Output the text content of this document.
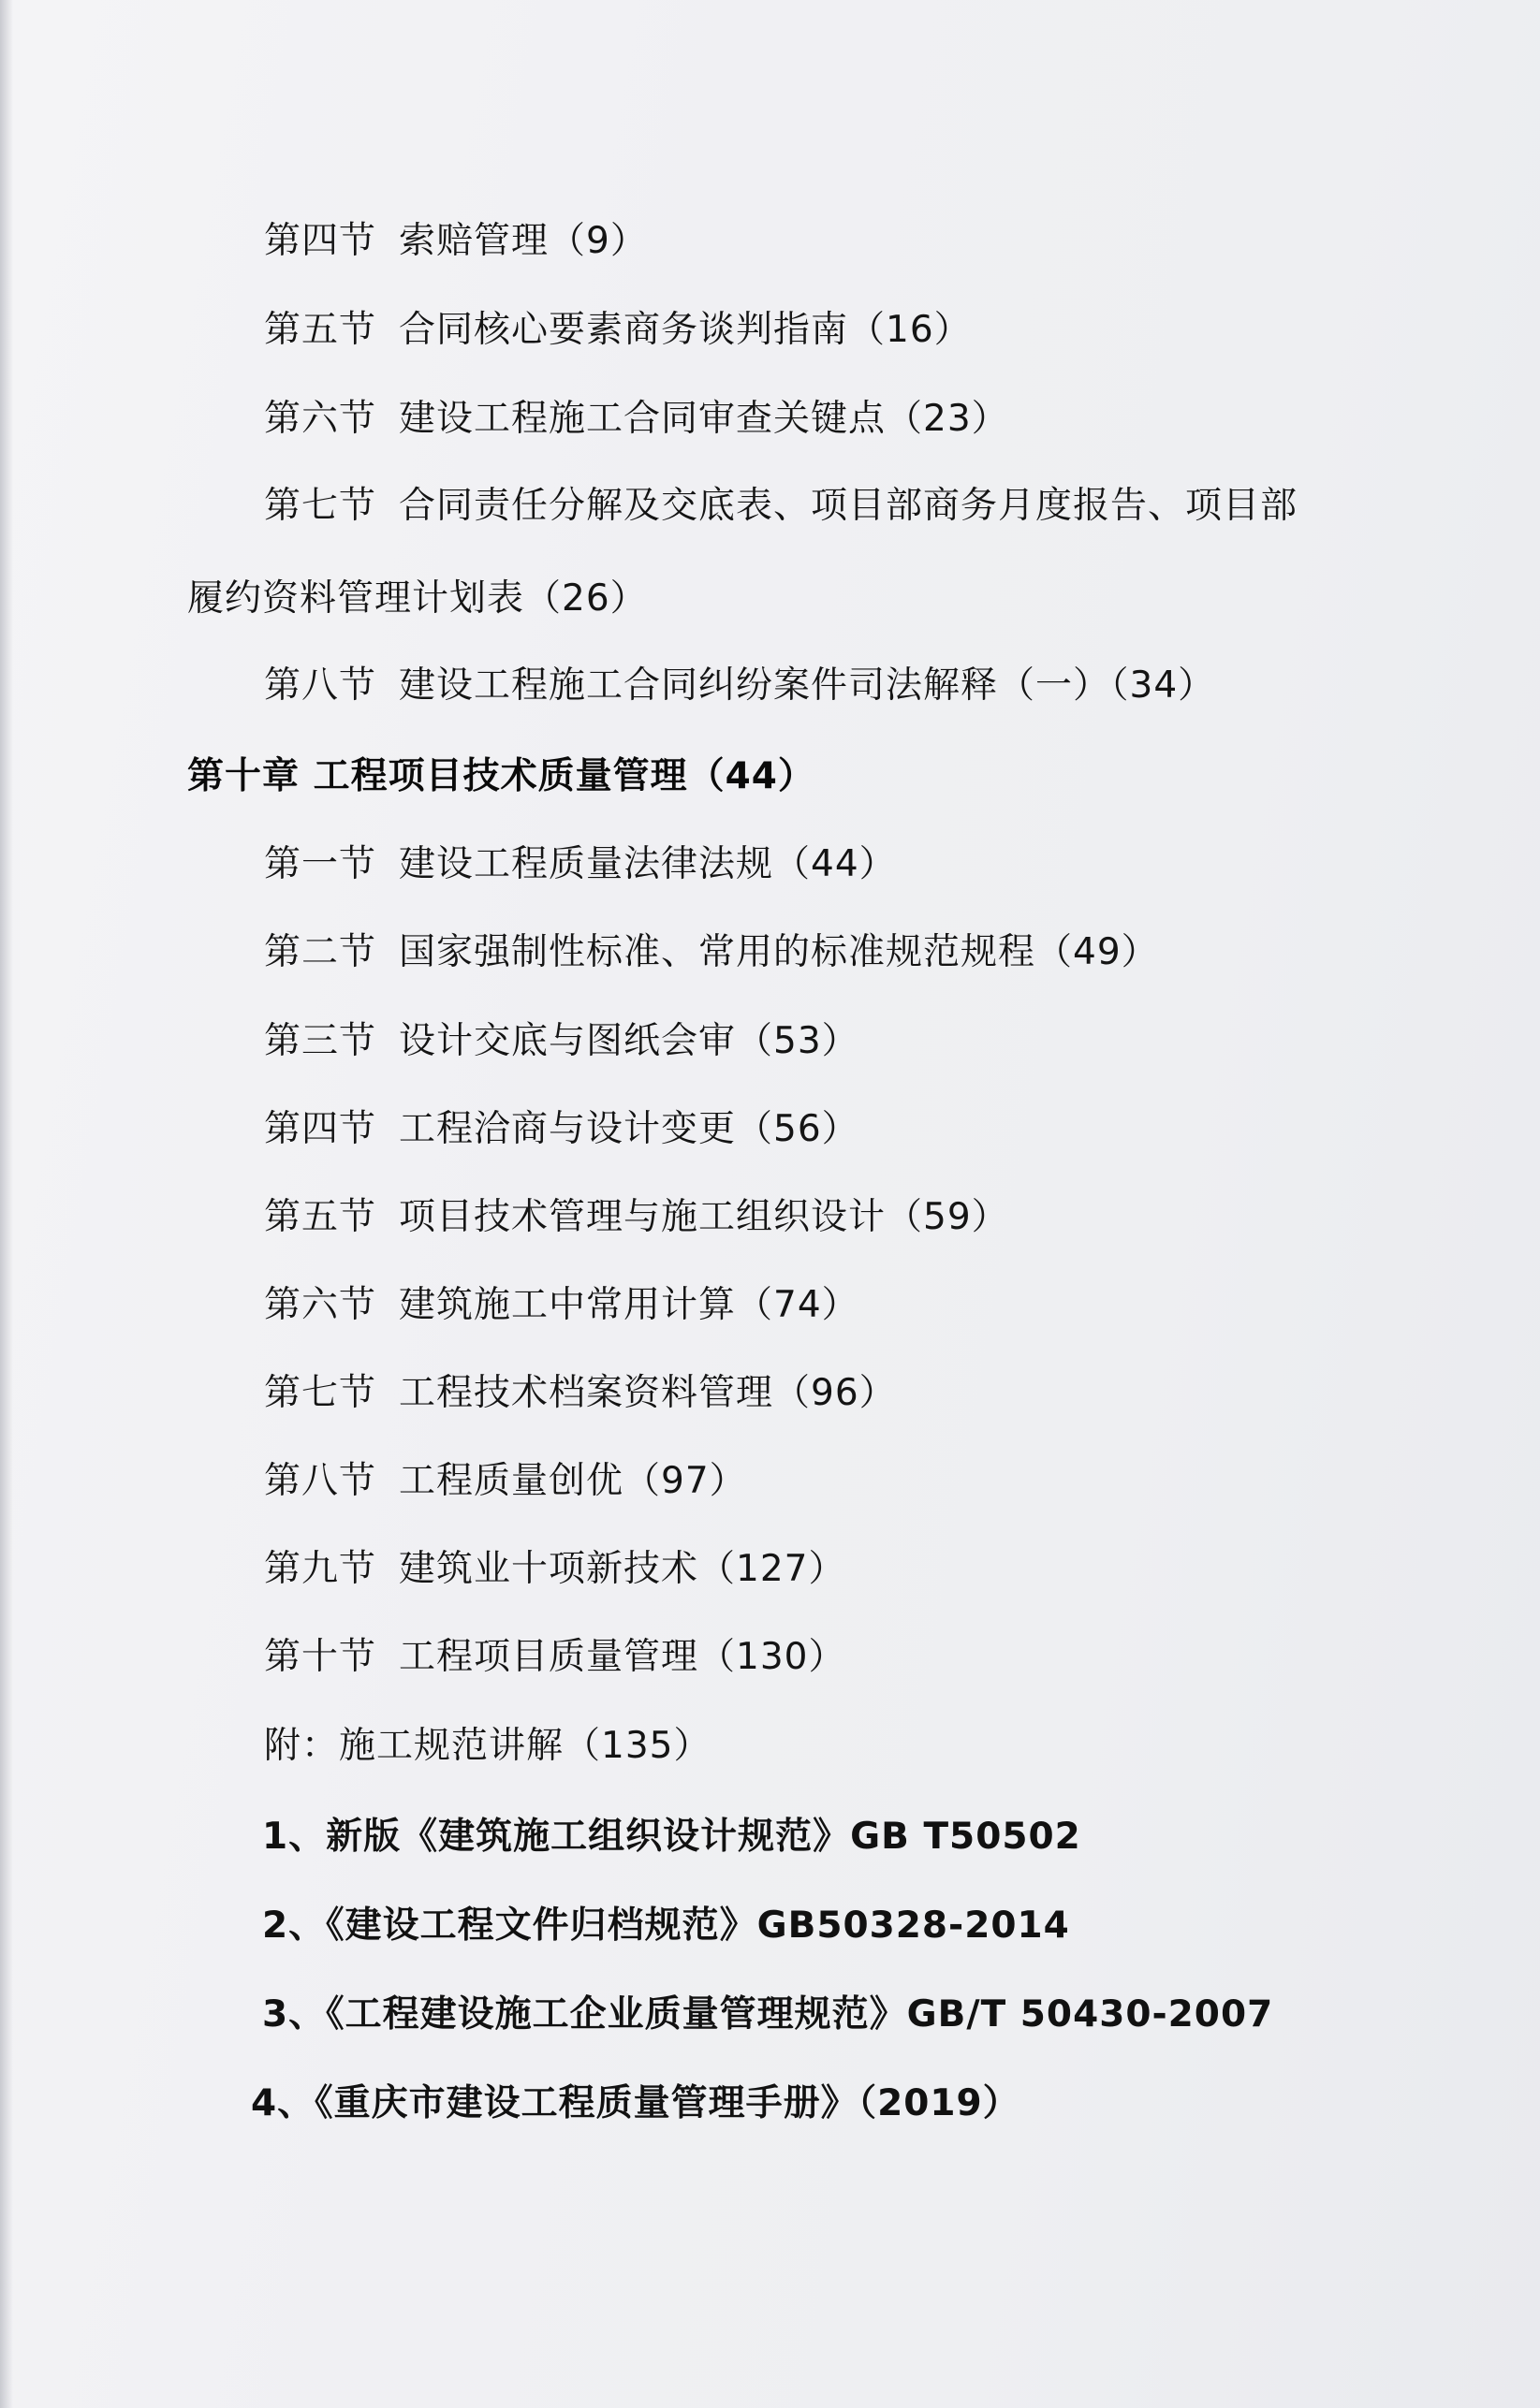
第四节 索赔管理（9）
第五节 合同核心要素商务谈判指南（16）
第六节 建设工程施工合同审查关键点（23）
第七节 合同责任分解及交底表、项目部商务月度报告、项目部
履约资料管理计划表（26）
第八节 建设工程施工合同纠纷案件司法解释（一）（34）
第十章 工程项目技术质量管理（44）
第一节 建设工程质量法律法规（44）
第二节 国家强制性标准、常用的标准规范规程（49）
第三节 设计交底与图纸会审（53）
第四节 工程洽商与设计变更（56）
第五节 项目技术管理与施工组织设计（59）
第六节 建筑施工中常用计算（74）
第七节 工程技术档案资料管理（96）
第八节 工程质量创优（97）
第九节 建筑业十项新技术（127）
第十节 工程项目质量管理（130）
附：施工规范讲解（135）
1、新版《建筑施工组织设计规范》GB T50502
2、《建设工程文件归档规范》GB50328-2014
3、《工程建设施工企业质量管理规范》GB/T 50430-2007
4、《重庆市建设工程质量管理手册》（2019）
